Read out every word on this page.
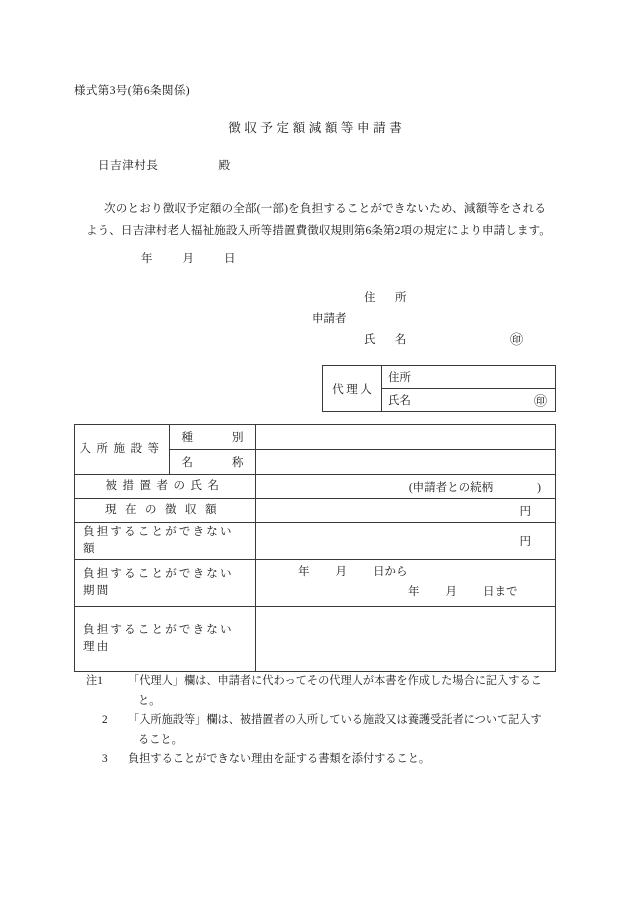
様式第3号(第6条関係)
徴収予定額減額等申請書
日吉津村長	殿
次のとおり徴収予定額の全部(一部)を負担することができないため、減額等をされる
よう、日吉津村老人福祉施設入所等措置費徴収規則第6条第2項の規定により申請します。
年	月	日
住　所
申請者
氏　名	㊞
代理人	住所
氏名	㊞
入所施設等	種別	
	名称	
被措置者の氏名		(申請者との続柄 )

現在の徴収額		円

負担することができない
額		円

負担することができない
期間		年 月 日から
年 月 日まで

負担することができない
理由		

注1	「代理人」欄は、申請者に代わってその代理人が本書を作成した場合に記入するこ
と。
2	「入所施設等」欄は、被措置者の入所している施設又は養護受託者について記入す
ること。
3	負担することができない理由を証する書類を添付すること。
